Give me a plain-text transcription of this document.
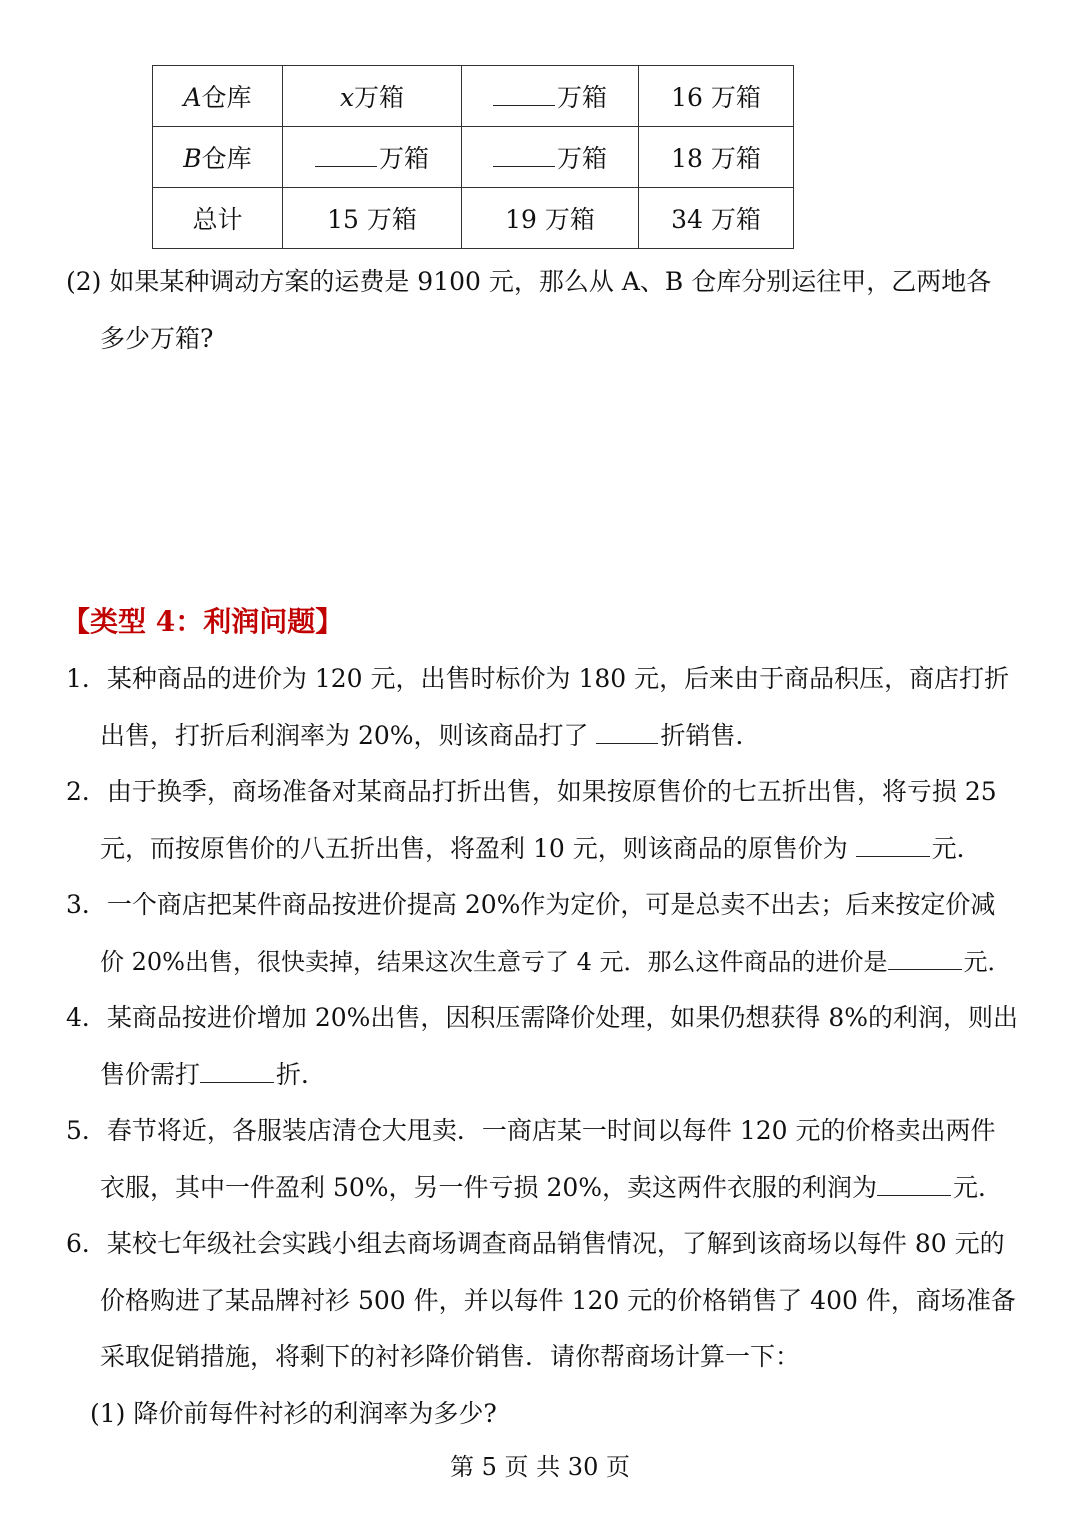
A仓库	x万箱	万箱	16 万箱
B仓库	万箱	万箱	18 万箱
总计	15 万箱	19 万箱	34 万箱
(2) 如果某种调动方案的运费是 9100 元，那么从 A、B 仓库分别运往甲，乙两地各
多少万箱?
【类型 4：利润问题】
1．某种商品的进价为 120 元，出售时标价为 180 元，后来由于商品积压，商店打折
出售，打折后利润率为 20%，则该商品打了	折销售．
2．由于换季，商场准备对某商品打折出售，如果按原售价的七五折出售，将亏损 25
元，而按原售价的八五折出售，将盈利 10 元，则该商品的原售价为	元．
3．一个商店把某件商品按进价提高 20%作为定价，可是总卖不出去；后来按定价减
价 20%出售，很快卖掉，结果这次生意亏了 4 元．那么这件商品的进价是	元．
4．某商品按进价增加 20%出售，因积压需降价处理，如果仍想获得 8%的利润，则出
售价需打	折．
5．春节将近，各服装店清仓大甩卖．一商店某一时间以每件 120 元的价格卖出两件
衣服，其中一件盈利 50%，另一件亏损 20%，卖这两件衣服的利润为	元．
6．某校七年级社会实践小组去商场调查商品销售情况，了解到该商场以每件 80 元的
价格购进了某品牌衬衫 500 件，并以每件 120 元的价格销售了 400 件，商场准备
采取促销措施，将剩下的衬衫降价销售．请你帮商场计算一下：
(1) 降价前每件衬衫的利润率为多少?
第 5 页 共 30 页
